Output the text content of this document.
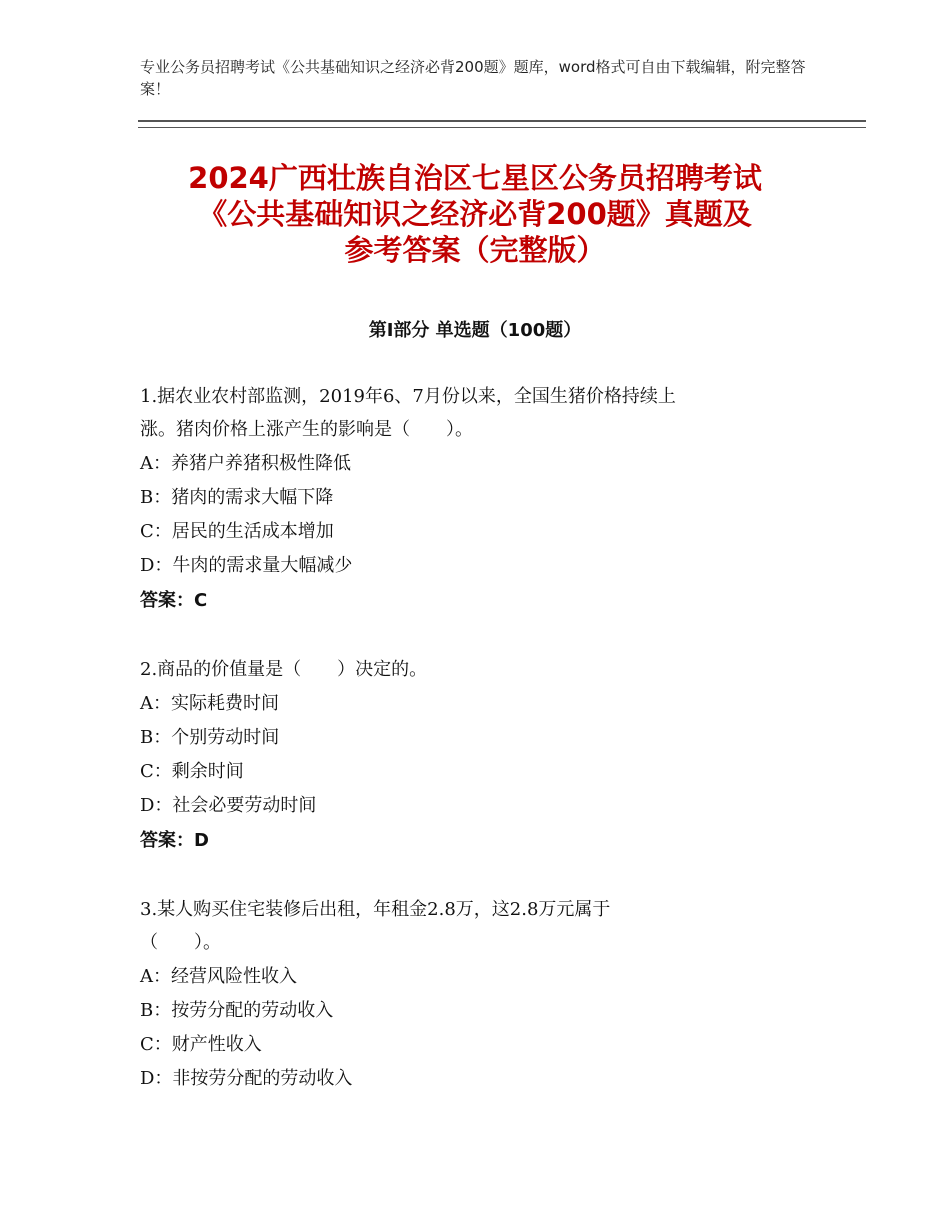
专业公务员招聘考试《公共基础知识之经济必背200题》题库，word格式可自由下载编辑，附完整答案！
2024广西壮族自治区七星区公务员招聘考试
《公共基础知识之经济必背200题》真题及
参考答案（完整版）
第Ⅰ部分 单选题（100题）
1.据农业农村部监测，2019年6、7月份以来，全国生猪价格持续上
涨。猪肉价格上涨产生的影响是（　　）。
A：养猪户养猪积极性降低
B：猪肉的需求大幅下降
C：居民的生活成本增加
D：牛肉的需求量大幅减少
答案：C
2.商品的价值量是（　　）决定的。
A：实际耗费时间
B：个别劳动时间
C：剩余时间
D：社会必要劳动时间
答案：D
3.某人购买住宅装修后出租，年租金2.8万，这2.8万元属于
（　　）。
A：经营风险性收入
B：按劳分配的劳动收入
C：财产性收入
D：非按劳分配的劳动收入
